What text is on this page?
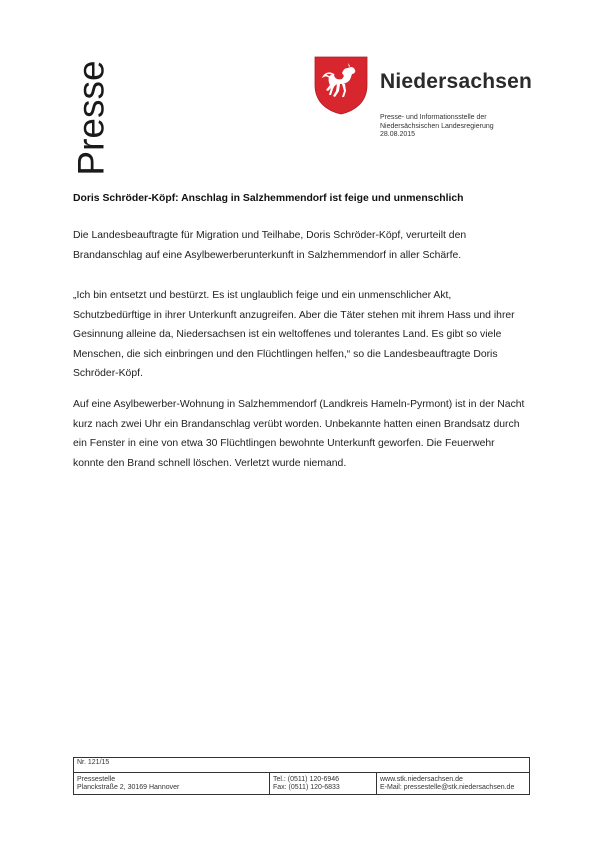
Presse	Niedersachsen
Presse- und Informationsstelle der
Niedersächsischen Landesregierung
28.08.2015
Doris Schröder-Köpf: Anschlag in Salzhemmendorf ist feige und unmenschlich
Die Landesbeauftragte für Migration und Teilhabe, Doris Schröder-Köpf, verurteilt den Brandanschlag auf eine Asylbewerberunterkunft in Salzhemmendorf in aller Schärfe.
„Ich bin entsetzt und bestürzt. Es ist unglaublich feige und ein unmenschlicher Akt, Schutzbedürftige in ihrer Unterkunft anzugreifen. Aber die Täter stehen mit ihrem Hass und ihrer Gesinnung alleine da, Niedersachsen ist ein weltoffenes und tolerantes Land. Es gibt so viele Menschen, die sich einbringen und den Flüchtlingen helfen,“ so die Landesbeauftragte Doris Schröder-Köpf.
Auf eine Asylbewerber-Wohnung in Salzhemmendorf (Landkreis Hameln-Pyrmont) ist in der Nacht kurz nach zwei Uhr ein Brandanschlag verübt worden. Unbekannte hatten einen Brandsatz durch ein Fenster in eine von etwa 30 Flüchtlingen bewohnte Unterkunft geworfen. Die Feuerwehr konnte den Brand schnell löschen. Verletzt wurde niemand.
Nr. 121/15
Pressestelle
Planckstraße 2, 30169 Hannover
Tel.: (0511) 120-6946
Fax: (0511) 120-6833
www.stk.niedersachsen.de
E-Mail: pressestelle@stk.niedersachsen.de
